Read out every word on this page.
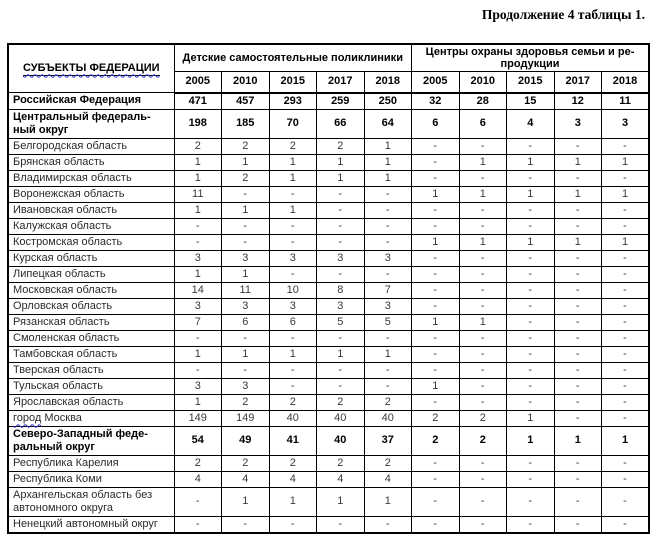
Продолжение 4 таблицы 1.
СУБЪЕКТЫ ФЕДЕРАЦИИ	Детские самостоятельные поликлиники					Центры охраны здоровья семьи и ре-
продукции				
	2005	2010	2015	2017	2018	2005	2010	2015	2017	2018
Российская Федерация	471	457	293	259	250	32	28	15	12	11
Центральный федераль-
ный округ	198	185	70	66	64	6	6	4	3	3
Белгородская область	2	2	2	2	1	-	-	-	-	-
Брянская область	1	1	1	1	1	-	1	1	1	1
Владимирская область	1	2	1	1	1	-	-	-	-	-
Воронежская область	11	-	-	-	-	1	1	1	1	1
Ивановская область	1	1	1	-	-	-	-	-	-	-
Калужская область	-	-	-	-	-	-	-	-	-	-
Костромская область	-	-	-	-	-	1	1	1	1	1
Курская область	3	3	3	3	3	-	-	-	-	-
Липецкая область	1	1	-	-	-	-	-	-	-	-
Московская область	14	11	10	8	7	-	-	-	-	-
Орловская область	3	3	3	3	3	-	-	-	-	-
Рязанская область	7	6	6	5	5	1	1	-	-	-
Смоленская область	-	-	-	-	-	-	-	-	-	-
Тамбовская область	1	1	1	1	1	-	-	-	-	-
Тверская область	-	-	-	-	-	-	-	-	-	-
Тульская область	3	3	-	-	-	1	-	-	-	-
Ярославская область	1	2	2	2	2	-	-	-	-	-
город Москва	149	149	40	40	40	2	2	1	-	-
Северо-Западный феде-
ральный округ	54	49	41	40	37	2	2	1	1	1
Республика Карелия	2	2	2	2	2	-	-	-	-	-
Республика Коми	4	4	4	4	4	-	-	-	-	-
Архангельская область без
автономного округа	-	1	1	1	1	-	-	-	-	-
Ненецкий автономный округ	-	-	-	-	-	-	-	-	-	-
